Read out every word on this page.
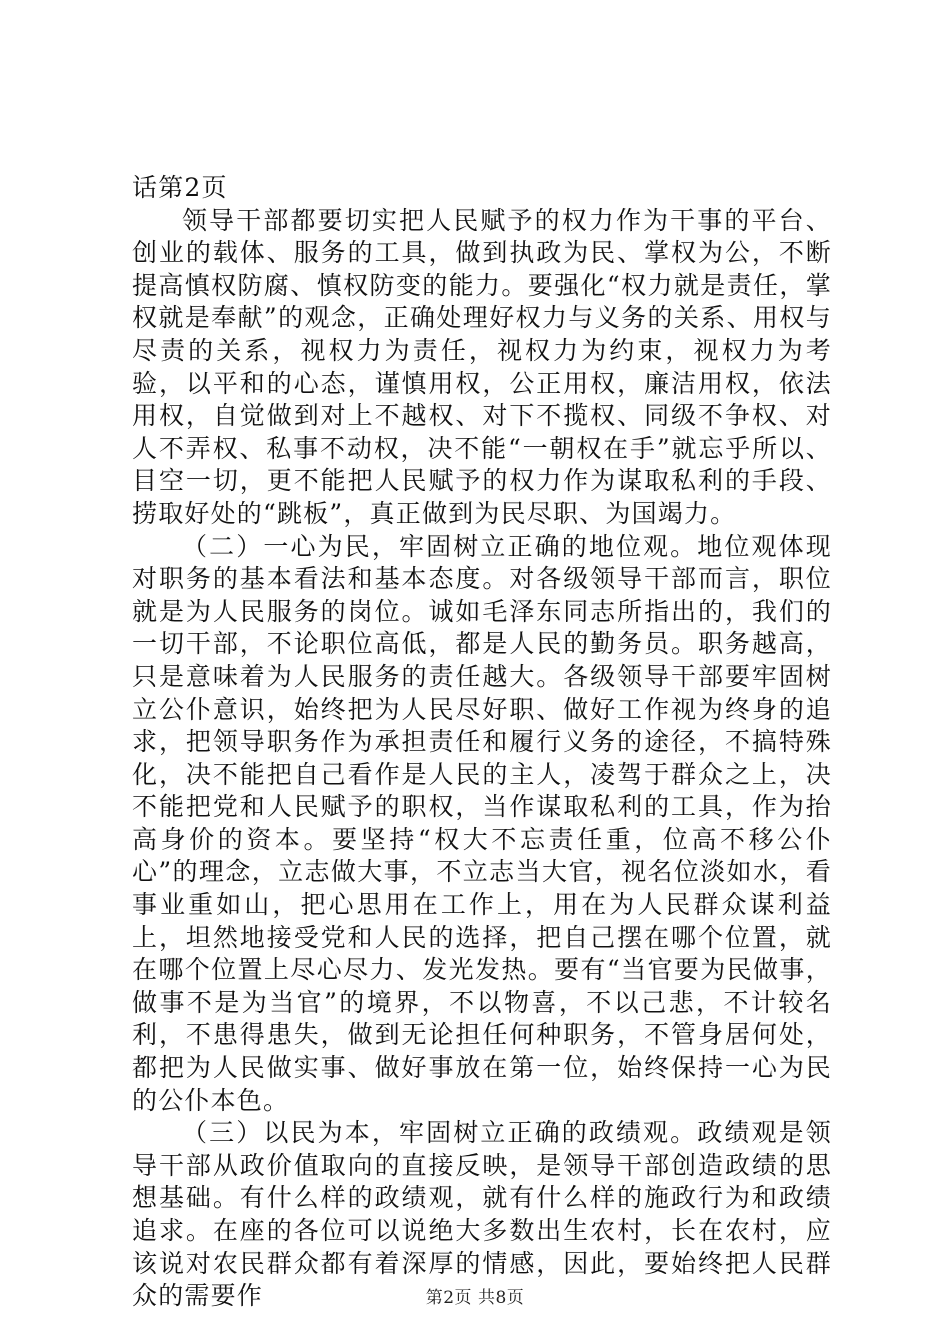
话第2页

领导干部都要切实把人民赋予的权力作为干事的平台、创业的载体、服务的工具，做到执政为民、掌权为公，不断提高慎权防腐、慎权防变的能力。要强化“权力就是责任，掌权就是奉献”的观念，正确处理好权力与义务的关系、用权与尽责的关系，视权力为责任，视权力为约束，视权力为考验，以平和的心态，谨慎用权，公正用权，廉洁用权，依法用权，自觉做到对上不越权、对下不揽权、同级不争权、对人不弄权、私事不动权，决不能“一朝权在手”就忘乎所以、目空一切，更不能把人民赋予的权力作为谋取私利的手段、捞取好处的“跳板”，真正做到为民尽职、为国竭力。

（二）一心为民，牢固树立正确的地位观。地位观体现对职务的基本看法和基本态度。对各级领导干部而言，职位就是为人民服务的岗位。诚如毛泽东同志所指出的，我们的一切干部，不论职位高低，都是人民的勤务员。职务越高，只是意味着为人民服务的责任越大。各级领导干部要牢固树立公仆意识，始终把为人民尽好职、做好工作视为终身的追求，把领导职务作为承担责任和履行义务的途径，不搞特殊化，决不能把自己看作是人民的主人，凌驾于群众之上，决不能把党和人民赋予的职权，当作谋取私利的工具，作为抬高身价的资本。要坚持“权大不忘责任重，位高不移公仆心”的理念，立志做大事，不立志当大官，视名位淡如水，看事业重如山，把心思用在工作上，用在为人民群众谋利益上，坦然地接受党和人民的选择，把自己摆在哪个位置，就在哪个位置上尽心尽力、发光发热。要有“当官要为民做事，做事不是为当官”的境界，不以物喜，不以己悲，不计较名利，不患得患失，做到无论担任何种职务，不管身居何处，都把为人民做实事、做好事放在第一位，始终保持一心为民的公仆本色。

（三）以民为本，牢固树立正确的政绩观。政绩观是领导干部从政价值取向的直接反映，是领导干部创造政绩的思想基础。有什么样的政绩观，就有什么样的施政行为和政绩追求。在座的各位可以说绝大多数出生农村，长在农村，应该说对农民群众都有着深厚的情感，因此，要始终把人民群众的需要作	第2页 共8页
